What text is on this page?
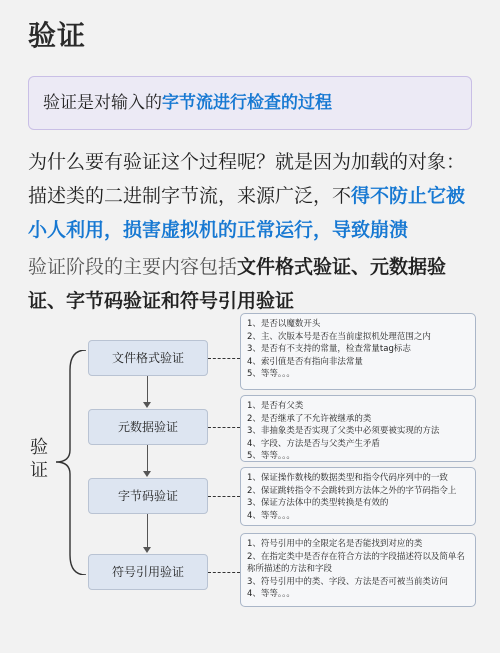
验证
验证是对输入的字节流进行检查的过程
为什么要有验证这个过程呢？就是因为加载的对象：描述类的二进制字节流，来源广泛，不得不防止它被小人利用，损害虚拟机的正常运行，导致崩溃
验证阶段的主要内容包括文件格式验证、元数据验证、字节码验证和符号引用验证
验
证
文件格式验证
1、是否以魔数开头
2、主、次版本号是否在当前虚拟机处理范围之内
3、是否有不支持的常量，检查常量tag标志
4、索引值是否有指向非法常量
5、等等。。。
元数据验证
1、是否有父类
2、是否继承了不允许被继承的类
3、非抽象类是否实现了父类中必须要被实现的方法
4、字段、方法是否与父类产生矛盾
5、等等。。。
字节码验证
1、保证操作数栈的数据类型和指令代码序列中的一致
2、保证跳转指令不会跳转到方法体之外的字节码指令上
3、保证方法体中的类型转换是有效的
4、等等。。。
符号引用验证
1、符号引用中的全限定名是否能找到对应的类
2、在指定类中是否存在符合方法的字段描述符以及简单名称所描述的方法和字段
3、符号引用中的类、字段、方法是否可被当前类访问
4、等等。。。
